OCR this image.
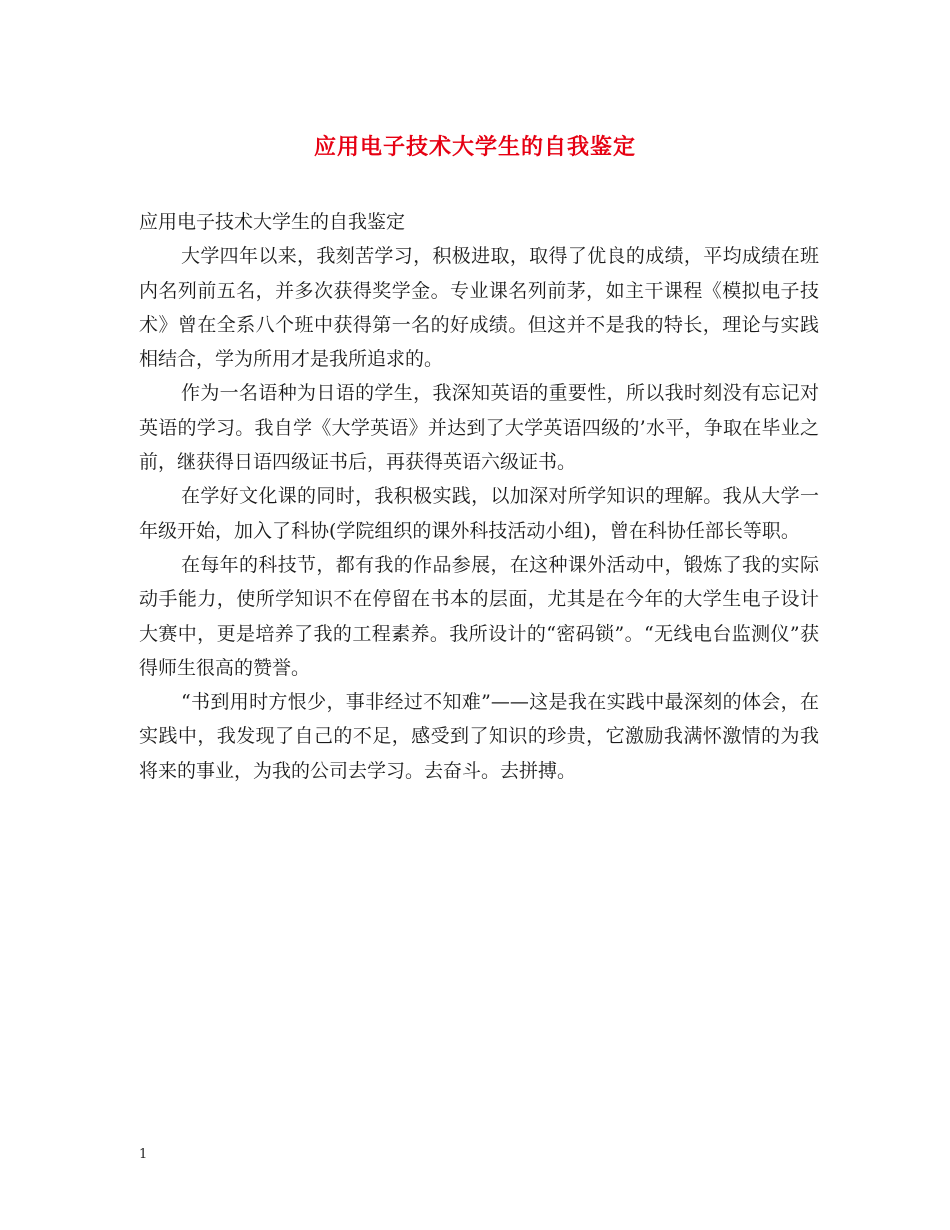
应用电子技术大学生的自我鉴定

应用电子技术大学生的自我鉴定

大学四年以来，我刻苦学习，积极进取，取得了优良的成绩，平均成绩在班内名列前五名，并多次获得奖学金。专业课名列前茅，如主干课程《模拟电子技术》曾在全系八个班中获得第一名的好成绩。但这并不是我的特长，理论与实践相结合，学为所用才是我所追求的。

作为一名语种为日语的学生，我深知英语的重要性，所以我时刻没有忘记对英语的学习。我自学《大学英语》并达到了大学英语四级的’水平，争取在毕业之前，继获得日语四级证书后，再获得英语六级证书。

在学好文化课的同时，我积极实践，以加深对所学知识的理解。我从大学一年级开始，加入了科协(学院组织的课外科技活动小组)，曾在科协任部长等职。

在每年的科技节，都有我的作品参展，在这种课外活动中，锻炼了我的实际动手能力，使所学知识不在停留在书本的层面，尤其是在今年的大学生电子设计大赛中，更是培养了我的工程素养。我所设计的“密码锁”。“无线电台监测仪”获得师生很高的赞誉。

“书到用时方恨少，事非经过不知难”——这是我在实践中最深刻的体会，在实践中，我发现了自己的不足，感受到了知识的珍贵，它激励我满怀激情的为我将来的事业，为我的公司去学习。去奋斗。去拼搏。

1
